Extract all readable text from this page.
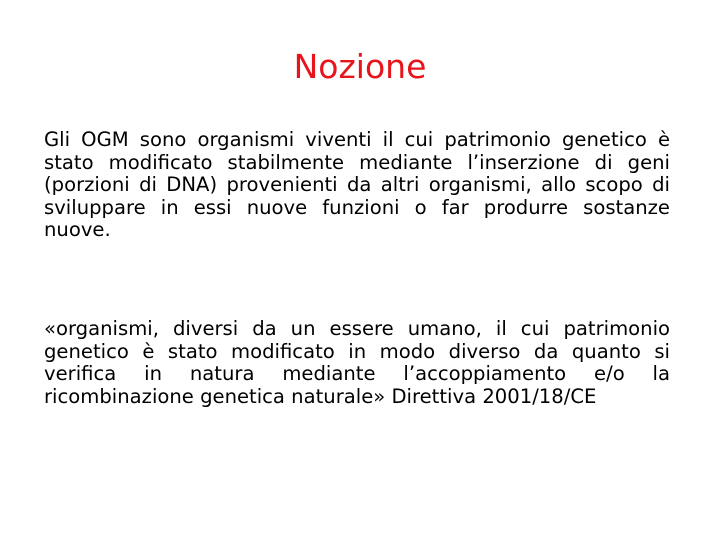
Nozione

Gli OGM sono organismi viventi il cui patrimonio genetico è stato modificato stabilmente mediante l’inserzione di geni (porzioni di DNA) provenienti da altri organismi, allo scopo di sviluppare in essi nuove funzioni o far produrre sostanze nuove.

«organismi, diversi da un essere umano, il cui patrimonio genetico è stato modificato in modo diverso da quanto si verifica in natura mediante l’accoppiamento e/o la ricombinazione genetica naturale» Direttiva 2001/18/CE
